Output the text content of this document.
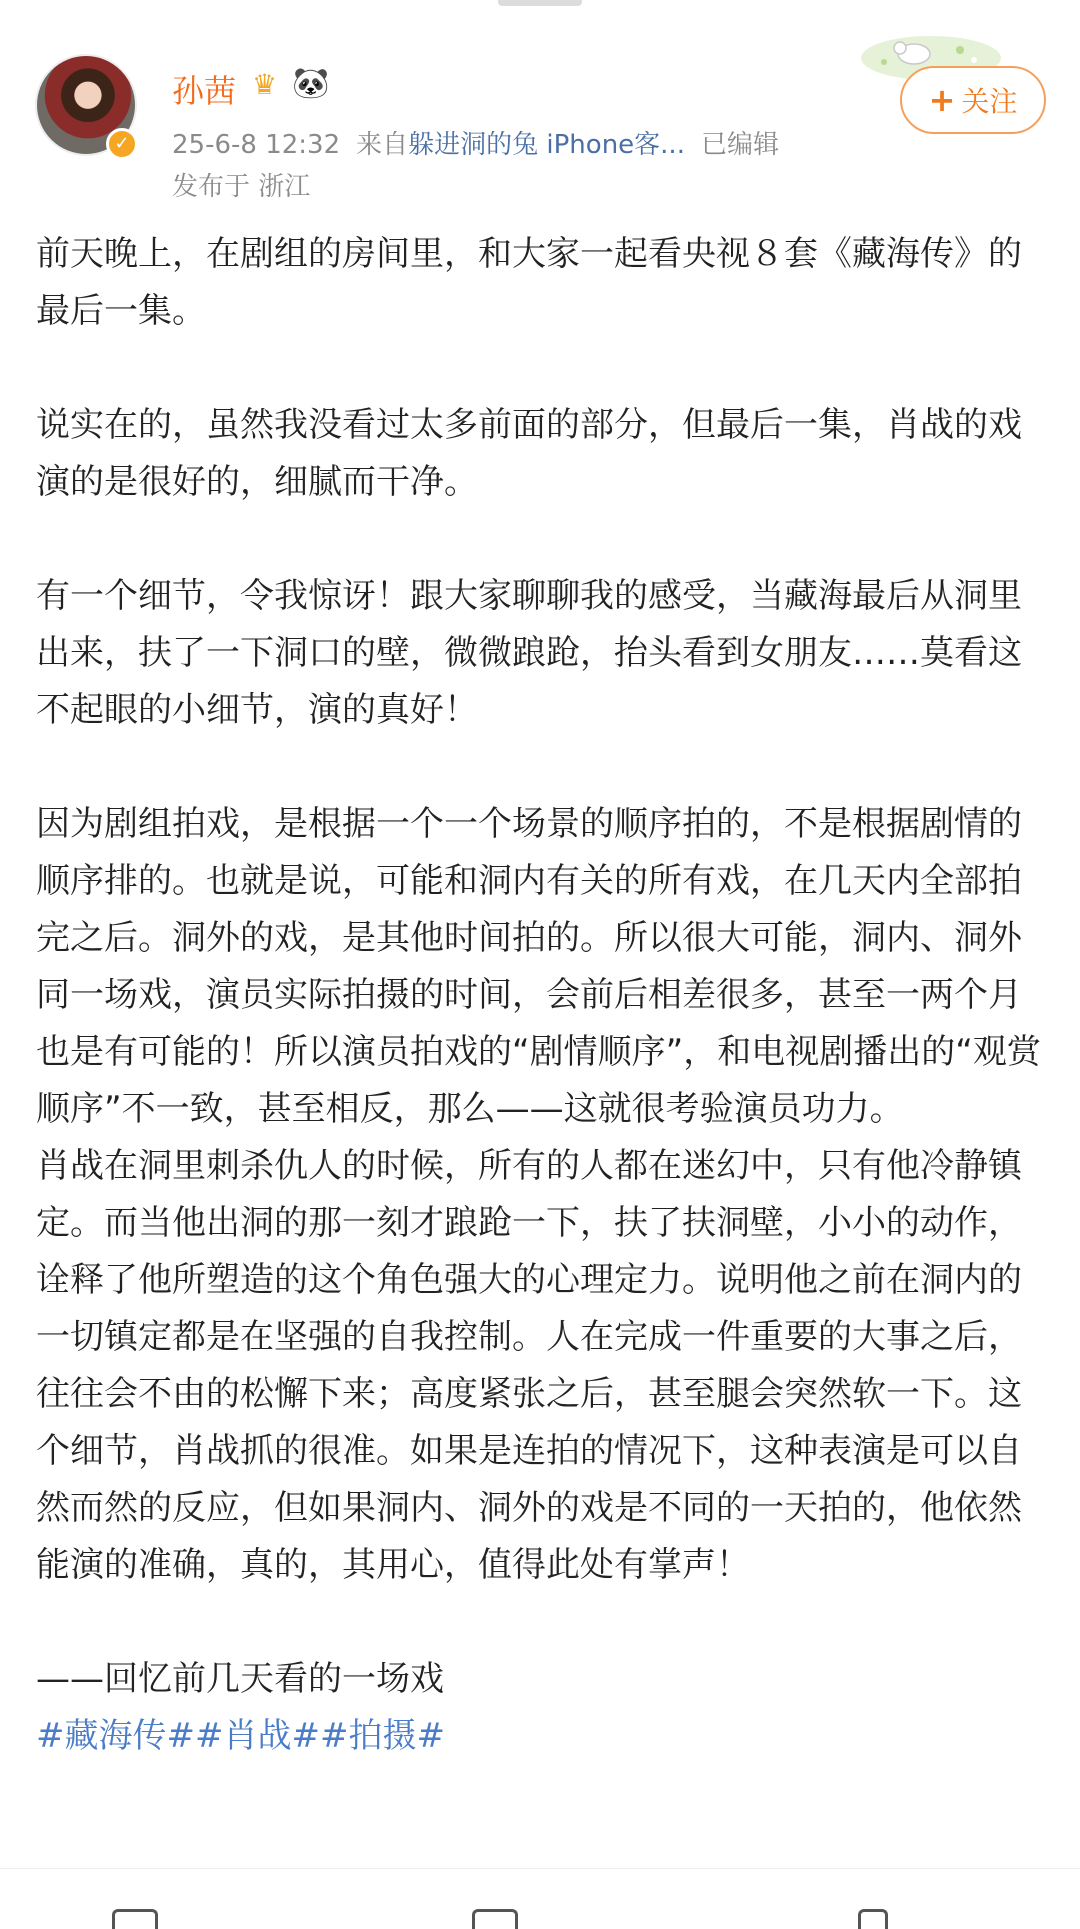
✓
孙茜 ♛ 🐼
25-6-8 12:32 来自躲进洞的兔 iPhone客... 已编辑
发布于 浙江
+ 关注

前天晚上，在剧组的房间里，和大家一起看央视８套《藏海传》的最后一集。

说实在的，虽然我没看过太多前面的部分，但最后一集，肖战的戏演的是很好的，细腻而干净。

有一个细节，令我惊讶！跟大家聊聊我的感受，当藏海最后从洞里出来，扶了一下洞口的壁，微微踉跄，抬头看到女朋友……莫看这不起眼的小细节，演的真好！

因为剧组拍戏，是根据一个一个场景的顺序拍的，不是根据剧情的顺序排的。也就是说，可能和洞内有关的所有戏，在几天内全部拍完之后。洞外的戏，是其他时间拍的。所以很大可能，洞内、洞外同一场戏，演员实际拍摄的时间，会前后相差很多，甚至一两个月也是有可能的！所以演员拍戏的“剧情顺序”，和电视剧播出的“观赏顺序”不一致，甚至相反，那么——这就很考验演员功力。

肖战在洞里刺杀仇人的时候，所有的人都在迷幻中，只有他冷静镇定。而当他出洞的那一刻才踉跄一下，扶了扶洞壁，小小的动作，诠释了他所塑造的这个角色强大的心理定力。说明他之前在洞内的一切镇定都是在坚强的自我控制。人在完成一件重要的大事之后，往往会不由的松懈下来；高度紧张之后，甚至腿会突然软一下。这个细节，肖战抓的很准。如果是连拍的情况下，这种表演是可以自然而然的反应，但如果洞内、洞外的戏是不同的一天拍的，他依然能演的准确，真的，其用心，值得此处有掌声！

——回忆前几天看的一场戏

#藏海传##肖战##拍摄#
